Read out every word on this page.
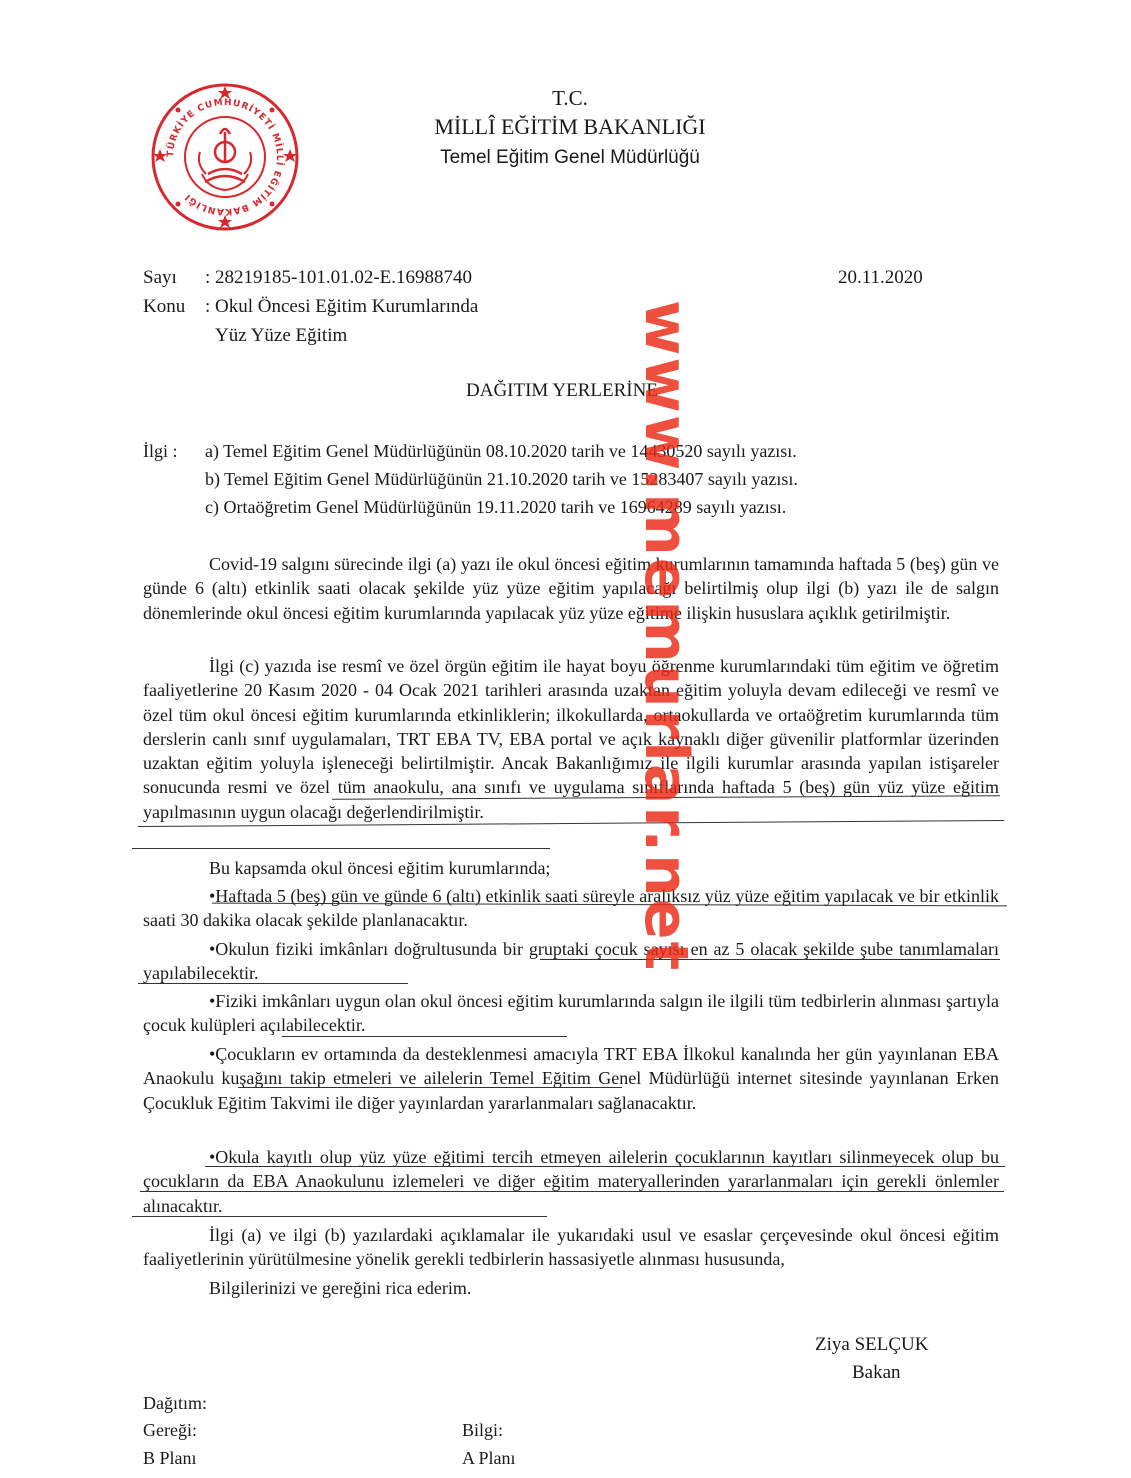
TÜRKİYE CUMHURİYETİ MİLLÎ EĞİTİM BAKANLIĞI
T.C.
MİLLÎ EĞİTİM BAKANLIĞI
Temel Eğitim Genel Müdürlüğü
Sayı : 28219185-101.01.02-E.16988740	20.11.2020
Konu : Okul Öncesi Eğitim Kurumlarında
Yüz Yüze Eğitim
DAĞITIM YERLERİNE
İlgi : a) Temel Eğitim Genel Müdürlüğünün 08.10.2020 tarih ve 14430520 sayılı yazısı.
b) Temel Eğitim Genel Müdürlüğünün 21.10.2020 tarih ve 15283407 sayılı yazısı.
c) Ortaöğretim Genel Müdürlüğünün 19.11.2020 tarih ve 16964289 sayılı yazısı.
Covid-19 salgını sürecinde ilgi (a) yazı ile okul öncesi eğitim kurumlarının tamamında haftada 5 (beş) gün ve günde 6 (altı) etkinlik saati olacak şekilde yüz yüze eğitim yapılacağı belirtilmiş olup ilgi (b) yazı ile de salgın dönemlerinde okul öncesi eğitim kurumlarında yapılacak yüz yüze eğitime ilişkin hususlara açıklık getirilmiştir.
İlgi (c) yazıda ise resmî ve özel örgün eğitim ile hayat boyu öğrenme kurumlarındaki tüm eğitim ve öğretim faaliyetlerine 20 Kasım 2020 - 04 Ocak 2021 tarihleri arasında uzaktan eğitim yoluyla devam edileceği ve resmî ve özel tüm okul öncesi eğitim kurumlarında etkinliklerin; ilkokullarda, ortaokullarda ve ortaöğretim kurumlarında tüm derslerin canlı sınıf uygulamaları, TRT EBA TV, EBA portal ve açık kaynaklı diğer güvenilir platformlar üzerinden uzaktan eğitim yoluyla işleneceği belirtilmiştir. Ancak Bakanlığımız ile ilgili kurumlar arasında yapılan istişareler sonucunda resmi ve özel tüm anaokulu, ana sınıfı ve uygulama sınıflarında haftada 5 (beş) gün yüz yüze eğitim yapılmasının uygun olacağı değerlendirilmiştir.
Bu kapsamda okul öncesi eğitim kurumlarında;
•Haftada 5 (beş) gün ve günde 6 (altı) etkinlik saati süreyle aralıksız yüz yüze eğitim yapılacak ve bir etkinlik saati 30 dakika olacak şekilde planlanacaktır.
•Okulun fiziki imkânları doğrultusunda bir gruptaki çocuk sayısı en az 5 olacak şekilde şube tanımlamaları yapılabilecektir.
•Fiziki imkânları uygun olan okul öncesi eğitim kurumlarında salgın ile ilgili tüm tedbirlerin alınması şartıyla çocuk kulüpleri açılabilecektir.
•Çocukların ev ortamında da desteklenmesi amacıyla TRT EBA İlkokul kanalında her gün yayınlanan EBA Anaokulu kuşağını takip etmeleri ve ailelerin Temel Eğitim Genel Müdürlüğü internet sitesinde yayınlanan Erken Çocukluk Eğitim Takvimi ile diğer yayınlardan yararlanmaları sağlanacaktır.
•Okula kayıtlı olup yüz yüze eğitimi tercih etmeyen ailelerin çocuklarının kayıtları silinmeyecek olup bu çocukların da EBA Anaokulunu izlemeleri ve diğer eğitim materyallerinden yararlanmaları için gerekli önlemler alınacaktır.
İlgi (a) ve ilgi (b) yazılardaki açıklamalar ile yukarıdaki usul ve esaslar çerçevesinde okul öncesi eğitim faaliyetlerinin yürütülmesine yönelik gerekli tedbirlerin hassasiyetle alınması hususunda,
Bilgilerinizi ve gereğini rica ederim.
Ziya SELÇUK
Bakan
Dağıtım:
Gereği:	Bilgi:
B Planı	A Planı
www.memurlar.net
